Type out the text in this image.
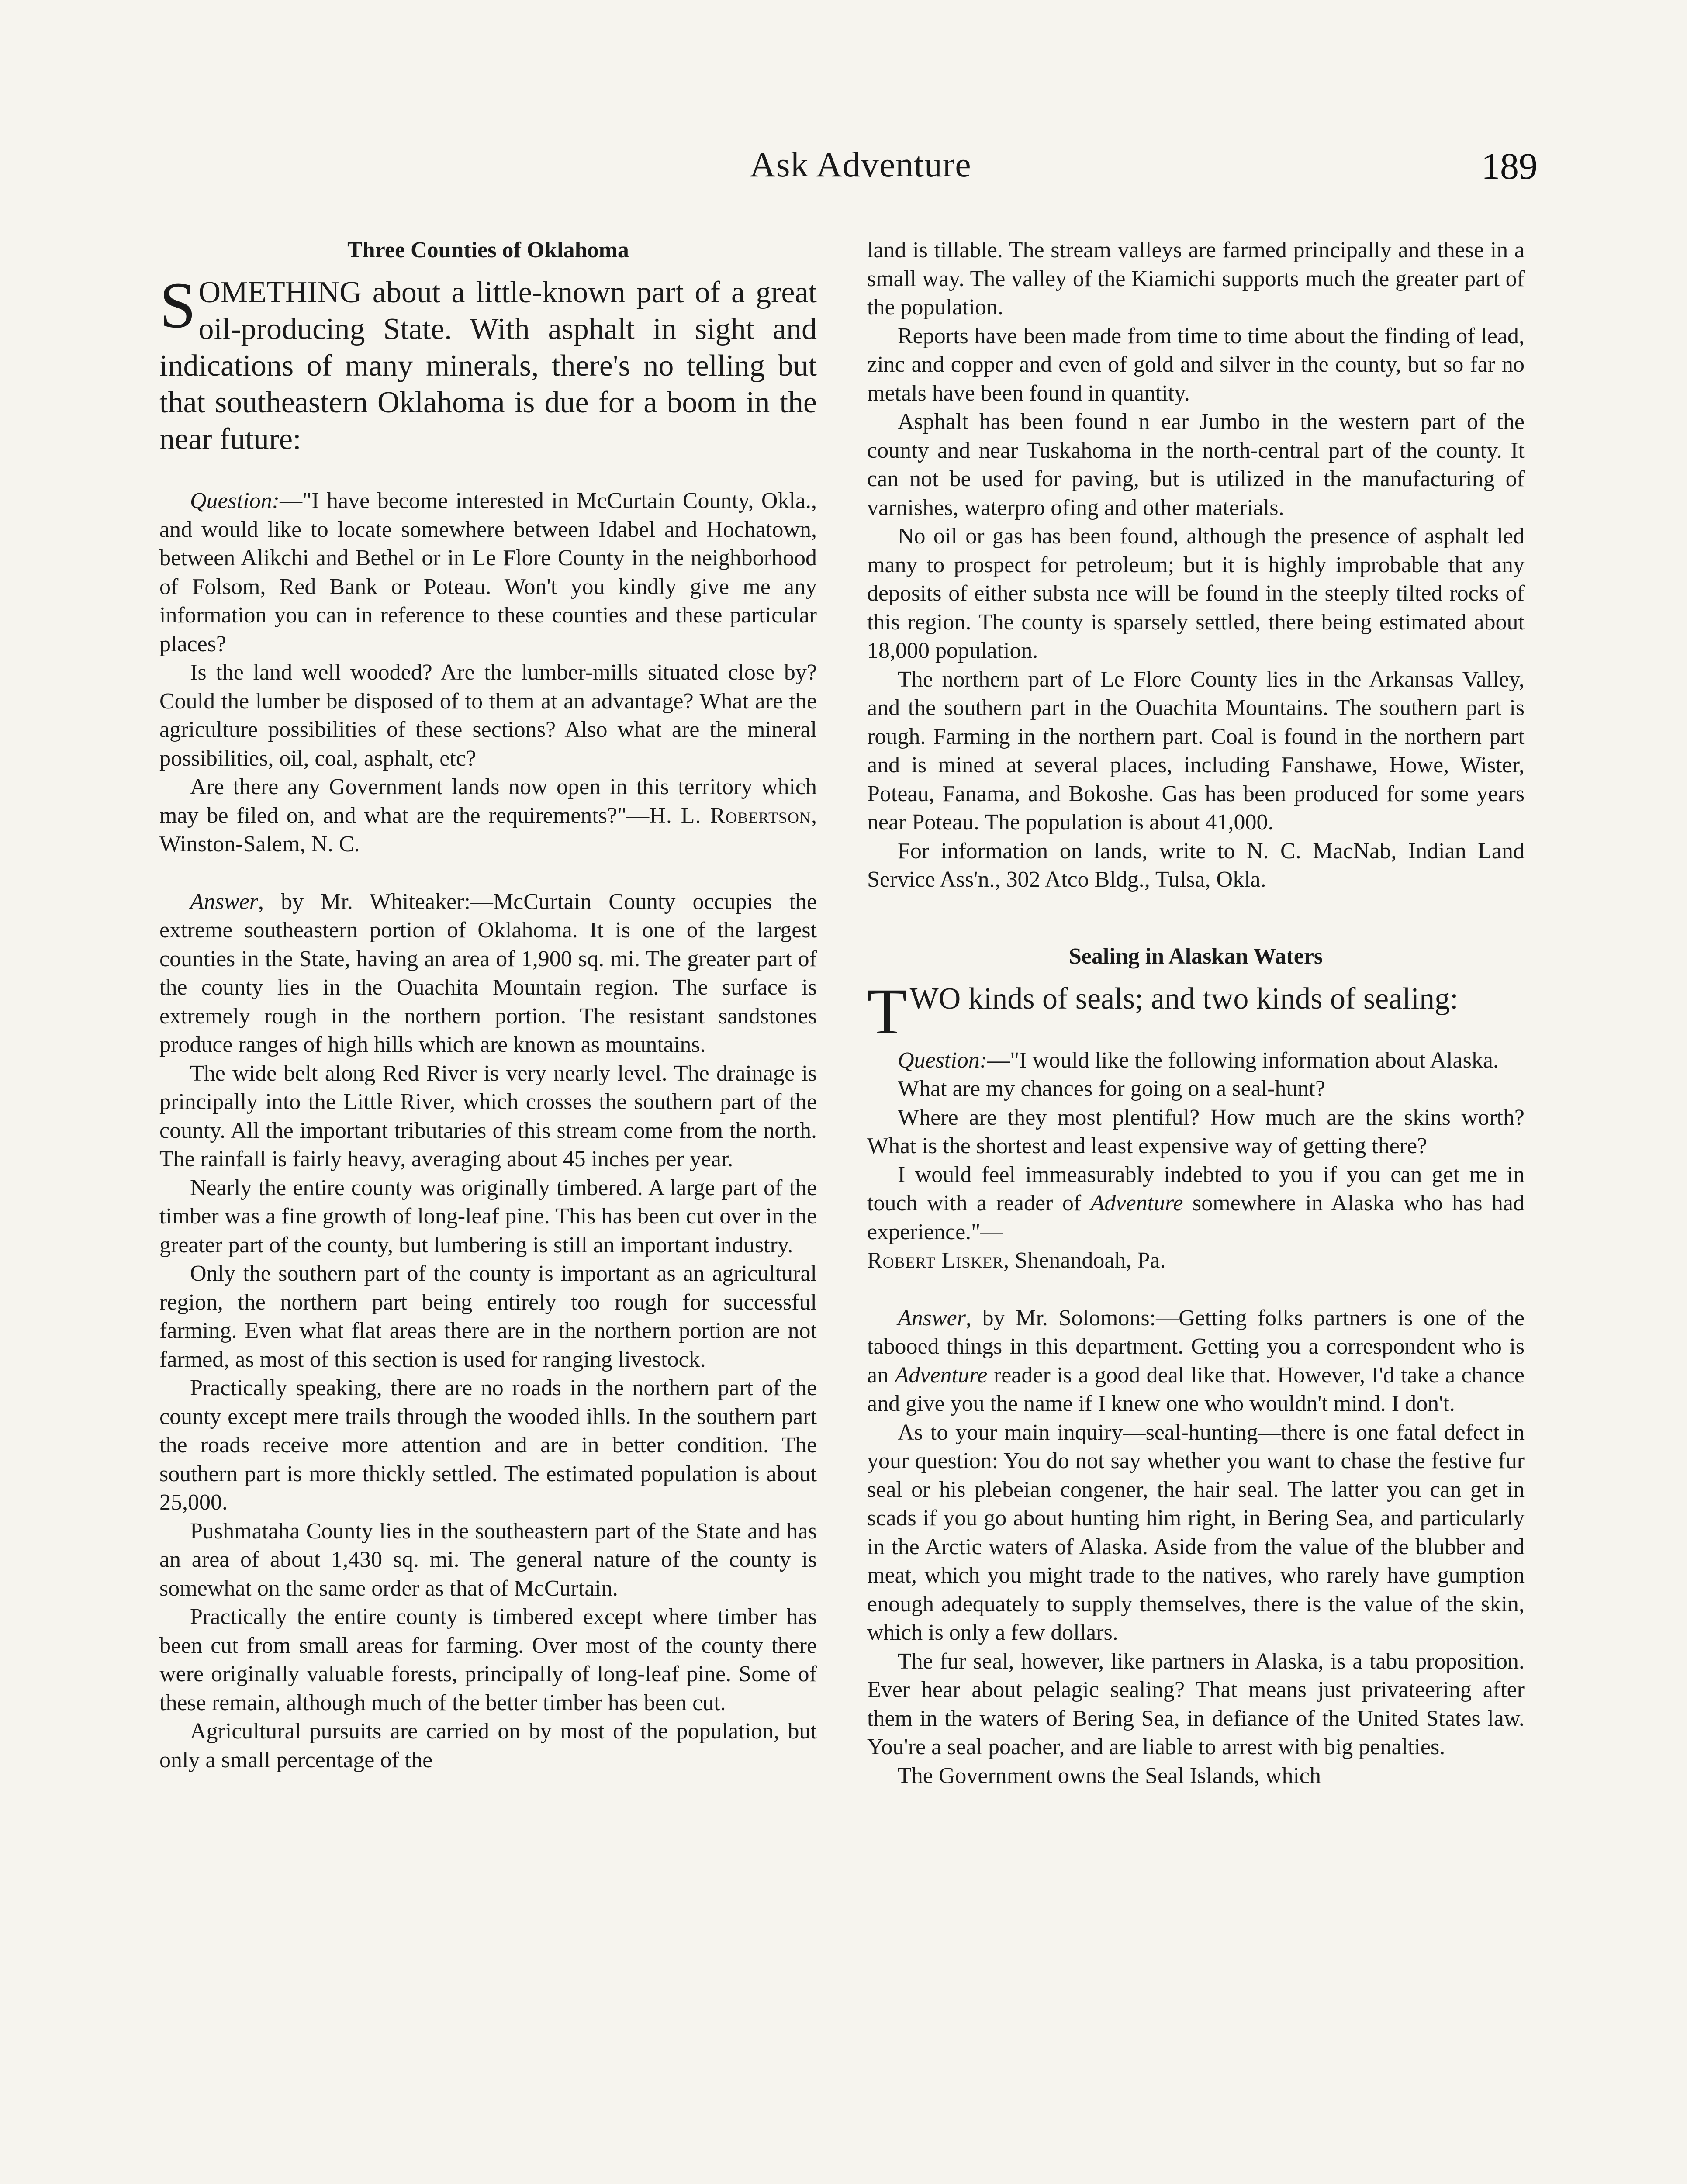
Ask Adventure	189
Three Counties of Oklahoma

SOMETHING about a little-known part of a great oil-producing State. With asphalt in sight and indications of many minerals, there's no telling but that southeastern Oklahoma is due for a boom in the near future:

Question:—"I have become interested in McCurtain County, Okla., and would like to locate somewhere between Idabel and Hochatown, between Alikchi and Bethel or in Le Flore County in the neighborhood of Folsom, Red Bank or Poteau. Won't you kindly give me any information you can in reference to these counties and these particular places?

Is the land well wooded? Are the lumber-mills situated close by? Could the lumber be disposed of to them at an advantage? What are the agriculture possibilities of these sections? Also what are the mineral possibilities, oil, coal, asphalt, etc?

Are there any Government lands now open in this territory which may be filed on, and what are the requirements?"—H. L. Robertson, Winston-Salem, N. C.

Answer, by Mr. Whiteaker:—McCurtain County occupies the extreme southeastern portion of Oklahoma. It is one of the largest counties in the State, having an area of 1,900 sq. mi. The greater part of the county lies in the Ouachita Mountain region. The surface is extremely rough in the northern portion. The resistant sandstones produce ranges of high hills which are known as mountains.

The wide belt along Red River is very nearly level. The drainage is principally into the Little River, which crosses the southern part of the county. All the important tributaries of this stream come from the north. The rainfall is fairly heavy, averaging about 45 inches per year.

Nearly the entire county was originally timbered. A large part of the timber was a fine growth of long-leaf pine. This has been cut over in the greater part of the county, but lumbering is still an important industry.

Only the southern part of the county is important as an agricultural region, the northern part being entirely too rough for successful farming. Even what flat areas there are in the northern portion are not farmed, as most of this section is used for ranging livestock.

Practically speaking, there are no roads in the northern part of the county except mere trails through the wooded ihlls. In the southern part the roads receive more attention and are in better condition. The southern part is more thickly settled. The estimated population is about 25,000.

Pushmataha County lies in the southeastern part of the State and has an area of about 1,430 sq. mi. The general nature of the county is somewhat on the same order as that of McCurtain.

Practically the entire county is timbered except where timber has been cut from small areas for farming. Over most of the county there were originally valuable forests, principally of long-leaf pine. Some of these remain, although much of the better timber has been cut.

Agricultural pursuits are carried on by most of the population, but only a small percentage of the

land is tillable. The stream valleys are farmed principally and these in a small way. The valley of the Kiamichi supports much the greater part of the population.

Reports have been made from time to time about the finding of lead, zinc and copper and even of gold and silver in the county, but so far no metals have been found in quantity.

Asphalt has been found n ear Jumbo in the western part of the county and near Tuskahoma in the north-central part of the county. It can not be used for paving, but is utilized in the manufacturing of varnishes, waterpro ofing and other materials.

No oil or gas has been found, although the presence of asphalt led many to prospect for petroleum; but it is highly improbable that any deposits of either substa nce will be found in the steeply tilted rocks of this region. The county is sparsely settled, there being estimated about 18,000 population.

The northern part of Le Flore County lies in the Arkansas Valley, and the southern part in the Ouachita Mountains. The southern part is rough. Farming in the northern part. Coal is found in the northern part and is mined at several places, including Fanshawe, Howe, Wister, Poteau, Fanama, and Bokoshe. Gas has been produced for some years near Poteau. The population is about 41,000.

For information on lands, write to N. C. MacNab, Indian Land Service Ass'n., 302 Atco Bldg., Tulsa, Okla.

Sealing in Alaskan Waters

TWO kinds of seals; and two kinds of sealing:

Question:—"I would like the following information about Alaska.

What are my chances for going on a seal-hunt?

Where are they most plentiful? How much are the skins worth? What is the shortest and least expensive way of getting there?

I would feel immeasurably indebted to you if you can get me in touch with a reader of Adventure somewhere in Alaska who has had experience."—
Robert Lisker, Shenandoah, Pa.

Answer, by Mr. Solomons:—Getting folks partners is one of the tabooed things in this department. Getting you a correspondent who is an Adventure reader is a good deal like that. However, I'd take a chance and give you the name if I knew one who wouldn't mind. I don't.

As to your main inquiry—seal-hunting—there is one fatal defect in your question: You do not say whether you want to chase the festive fur seal or his plebeian congener, the hair seal. The latter you can get in scads if you go about hunting him right, in Bering Sea, and particularly in the Arctic waters of Alaska. Aside from the value of the blubber and meat, which you might trade to the natives, who rarely have gumption enough adequately to supply themselves, there is the value of the skin, which is only a few dollars.

The fur seal, however, like partners in Alaska, is a tabu proposition. Ever hear about pelagic sealing? That means just privateering after them in the waters of Bering Sea, in defiance of the United States law. You're a seal poacher, and are liable to arrest with big penalties.

The Government owns the Seal Islands, which
